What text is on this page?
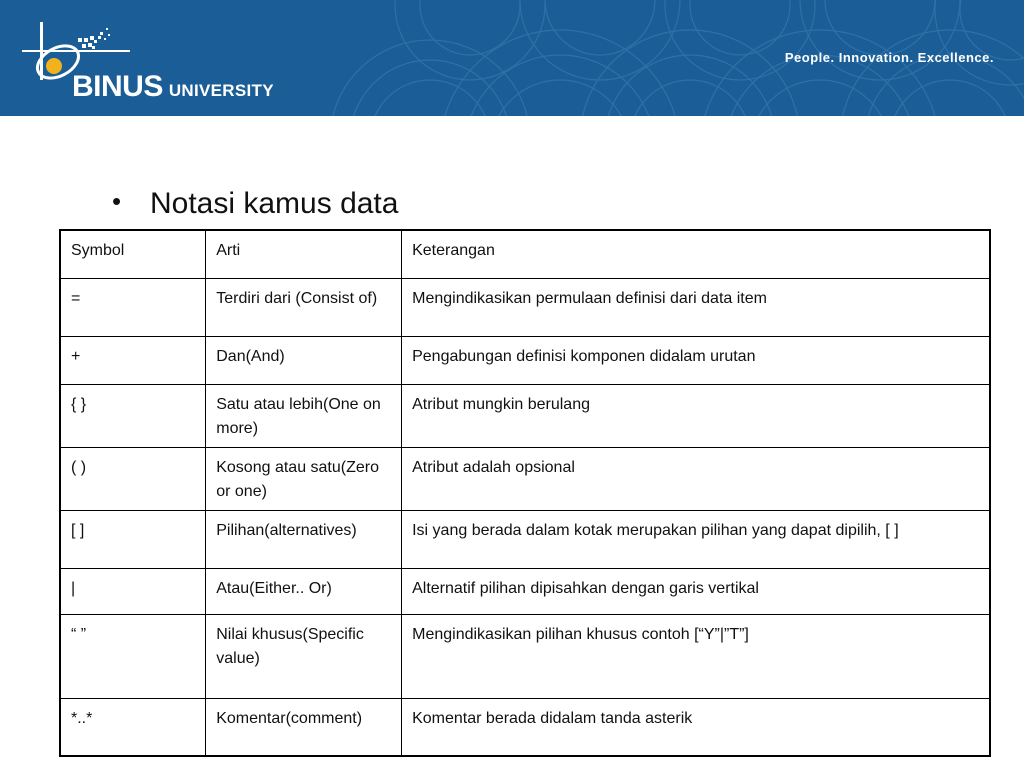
BINUS UNIVERSITY
People. Innovation. Excellence.
• Notasi kamus data
Symbol	Arti	Keterangan
=	Terdiri dari (Consist of)	Mengindikasikan permulaan definisi dari data item
+	Dan(And)	Pengabungan definisi komponen didalam urutan
{ }	Satu atau lebih(One on more)	Atribut mungkin berulang
( )	Kosong atau satu(Zero or one)	Atribut adalah opsional
[ ]	Pilihan(alternatives)	Isi yang berada dalam kotak merupakan pilihan yang dapat dipilih, [ ]
|	Atau(Either.. Or)	Alternatif pilihan dipisahkan dengan garis vertikal
“ ”	Nilai khusus(Specific value)	Mengindikasikan pilihan khusus contoh [“Y”|”T”]
*..*	Komentar(comment)	Komentar berada didalam tanda asterik
